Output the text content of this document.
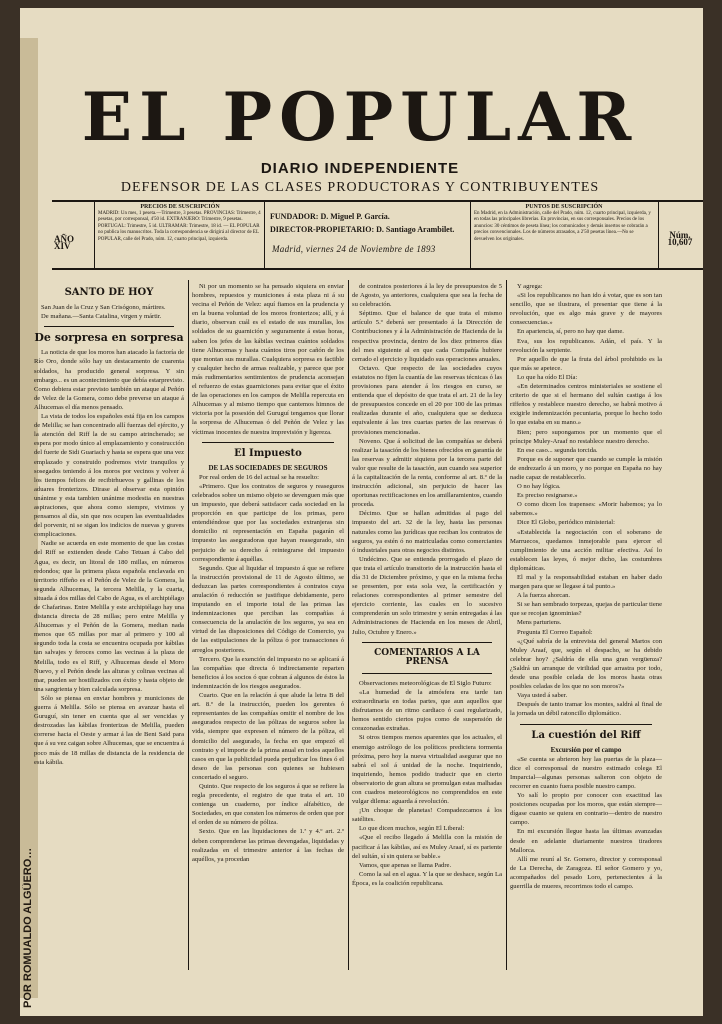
POR ROMUALDO ALGÜERO…
EL POPULAR
DIARIO INDEPENDIENTE
DEFENSOR DE LAS CLASES PRODUCTORAS Y CONTRIBUYENTES
AÑO XIV
PRECIOS DE SUSCRIPCIÓN
MADRID: Un mes, 1 peseta.—Trimestre, 3 pesetas. PROVINCIAS: Trimestre, 4 pesetas, por corresponsal, 4'50 id. EXTRANJERO: Trimestre, 9 pesetas. PORTUGAL: Trimestre, 5 id. ULTRAMAR: Trimestre, 18 id. — EL POPULAR no publica los manuscritos. Toda la correspondencia se dirigirá al director de EL POPULAR, calle del Prado, núm. 12, cuarto principal, izquierda.
FUNDADOR: D. Miguel P. García.
DIRECTOR-PROPIETARIO: D. Santiago Arambilet.
Madrid, viernes 24 de Noviembre de 1893
PUNTOS DE SUSCRIPCIÓN
En Madrid, en la Administración, calle del Prado, núm. 12, cuarto principal, izquierda, y en todas las principales librerías. En provincias, en sus corresponsales. Precios de los anuncios: 30 céntimos de peseta línea; los comunicados y demás insertos se cobrarán a precios convencionales. Los de números atrasados, a 2'50 pesetas línea.—No se devuelven los originales.	Núm. 10,607
SANTO DE HOY

San Juan de la Cruz y San Crisógono, mártires.

De mañana.—Santa Catalina, virgen y mártir.

De sorpresa en sorpresa

La noticia de que los moros han atacado la factoría de Río Oro, donde sólo hay un destacamento de cuarenta soldados, ha producido general sorpresa. Y sin embargo... es un acontecimiento que debía estarprevisto. Como debiera estar previsto también un ataque al Peñón de Velez de la Gomera, como debe preverse un ataque á Alhucemas el día menos pensado.

La vista de todos los españoles está fija en los campos de Melilla; se han concentrado allí fuerzas del ejército, y la atención del Riff la de su campo atrincherado; se espera por modo único al emplazamiento y construcción del fuerte de Sidi Guariach y hasta se espera que una vez emplazado y construido podremos vivir tranquilos y sosegados teniendo á los moros por vecinos y volver á los tiempos felices de recibirhuevos y gallinas de los aduares fronterizos. Dirase al observar esta opinión unánime y esta tambien unánime modestia en nuestras aspiraciones, que ahora como siempre, vivimos y pensamos al día, sin que nos ocupen las eventualidades del porvenir, ni se sigan los indicios de nuevas y graves complicaciones.

Nadie se acuerda en este momento de que las costas del Riff se extienden desde Cabo Tetuan á Cabo del Agua, es decir, un litoral de 180 millas, en números redondos; que la primera plaza española enclavada en territorio riffeño es el Peñón de Velez de la Gomera, la segunda Alhucemas, la tercera Melilla, y la cuarta, situada á dos millas del Cabo de Agua, es el archipiélago de Chafarinas. Entre Melilla y este archipiélago hay una distancia directa de 28 millas; pero entre Melilla y Alhucemas y el Peñón de la Gomera, median nada menos que 65 millas por mar al primero y 100 al segundo toda la costa se encuentra ocupada por kábilas tan salvajes y feroces como las vecinas á la plaza de Melilla, todo es el Riff, y Alhucemas desde el Moro Nuevo, y el Peñón desde las alturas y colinas vecinas al mar, pueden ser hostilizados con éxito y hasta objeto de una sangrienta y bien calculada sorpresa.

Sólo se piensa en enviar hombres y municiones de guerra á Melilla. Sólo se piensa en avanzar hasta el Guruguí, sin tener en cuenta que al ser vencidas y destrozadas las kábilas fronterizas de Melilla, pueden correrse hacia el Oeste y armar á las de Beni Said para que á su vez caigan sobre Alhucemas, que se encuentra á poco más de 18 millas de distancia de la residencia de esta kábila.

Ni por un momento se ha pensado siquiera en enviar hombres, repuestos y municiones á esta plaza ni á su vecina el Peñón de Velez: aquí fiamos en la prudencia y en la buena voluntad de los moros fronterizos; allí, y á diario, observan cuál es el estado de sus murallas, los soldados de su guarnición y seguramente á estas horas, saben los jefes de las kábilas vecinas cuántos soldados tiene Alhucemas y hasta cuántos tiros por cañón de los que montan sus murallas. Cualquiera sorpresa es factible y cualquier hecho de armas realizable, y parece que por más rudimentarios sentimientos de prudencia aconsejan el refuerzo de estas guarniciones para evitar que el éxito de las operaciones en los campos de Melilla repercuta en Alhucemas y al mismo tiempo que cantemos himnos de victoria por la posesión del Guruguí tengamos que llorar la sorpresa de Alhucemas ó del Peñón de Velez y las víctimas inocentes de nuestra imprevisión y ligereza.

El Impuesto
DE LAS SOCIEDADES DE SEGUROS

Por real orden de 16 del actual se ha resuelto:

«Primero. Que los contratos de seguros y reaseguros celebrados sobre un mismo objeto se devenguen más que un impuesto, que deberá satisfacer cada sociedad en la proporción en que participe de los primas, pero entendiéndose que por las sociedades extranjeras sin domicilio ni representación en España pagarán el impuesto las aseguradoras que hayan reasegurado, sin perjuicio de su derecho á reintegrarse del impuesto correspondiente á aquéllas.

Segundo. Que al liquidar el impuesto á que se refiere la instrucción provisional de 11 de Agosto último, se deduzcan las partes correspondientes á contratos cuya anulación ó reducción se justifique debidamente, pero imputando en el importe total de las primas las indemnizaciones que perciban las compañías á consecuencia de la anulación de los seguros, ya sea en virtud de las disposiciones del Código de Comercio, ya de las estipulaciones de la póliza ó por transacciones ó arreglos posteriores.

Tercero. Que la exención del impuesto no se aplicará á las compañías que directa ó indirectamente reparten beneficios á los socios ó que cobran á algunos de éstos la indemnización de los riesgos asegurados.

Cuarto. Que en la relación á que alude la letra B del art. 8.º de la instrucción, pueden los gerentes ó representantes de las compañías omitir el nombre de los asegurados respecto de las pólizas de seguros sobre la vida, siempre que expresen el número de la póliza, el domicilio del asegurado, la fecha en que empezó el contrato y el importe de la prima anual en todos aquellos casos en que la publicidad pueda perjudicar los fines ó el deseo de las personas con quienes se hubiesen concertado el seguro.

Quinto. Que respecto de los seguros á que se refiere la regla precedente, el registro de que trata el art. 10 contenga un cuaderno, por índice alfabético, de Sociedades, en que consten los números de orden que por el orden de su número de póliza.

Sexto. Que en las liquidaciones de 1.ª y 4.º art. 2.º deben comprenderse las primas devengadas, liquidadas y realizadas en el trimestre anterior á las fechas de aquéllos, ya procedan

de contratos posteriores á la ley de presupuestos de 5 de Agosto, ya anteriores, cualquiera que sea la fecha de su celebración.

Séptimo. Que el balance de que trata el mismo artículo 5.º deberá ser presentado á la Dirección de Contribuciones y á la Administración de Hacienda de la respectiva provincia, dentro de los diez primeros días del mes siguiente al en que cada Compañía hubiere cerrado el ejercicio y liquidado sus operaciones anuales.

Octavo. Que respecto de las sociedades cuyos estatutos no fijen la cuantía de las reservas técnicas ó las provisiones para atender á los riesgos en curso, se entienda que el depósito de que trata el art. 21 de la ley de presupuestos concede en el 20 por 100 de las primas realizadas durante el año, cualquiera que se deduzca equivalente á las tres cuartas partes de las reservas ó provisiones mencionadas.

Noveno. Que á solicitud de las compañías se deberá realizar la tasación de los bienes ofrecidos en garantía de las reservas y admitir siquiera por la tercera parte del valor que resulte de la tasación, aun cuando sea superior á la capitalización de la renta, conforme al art. 8.º de la instrucción adicional, sin perjuicio de hacer las oportunas rectificaciones en los amillaramientos, cuando proceda.

Décimo. Que se hallan admitidas al pago del impuesto del art. 32 de la ley, hasta las personas naturales como las jurídicas que reciban los contratos de seguros, ya estén ó no matriculadas como comerciantes ó industriales para otras negocios distintos.

Undécimo. Que se entienda prorrogado el plazo de que trata el artículo transitorio de la instrucción hasta el día 31 de Diciembre próximo, y que en la misma fecha se presenten, por esta sola vez, la certificación y relaciones correspondientes al primer semestre del ejercicio corriente, las cuales en lo sucesivo comprenderán un solo trimestre y serán entregadas á las Administraciones de Hacienda en los meses de Abril, Julio, Octubre y Enero.»

COMENTARIOS A LA PRENSA

Observaciones meteorológicas de El Siglo Futuro:

«La humedad de la atmósfera era tarde tan extraordinaria en todas partes, que aun aquellos que disfrutamos de un ritmo cardiaco ó casi regularizado, hemos sentido ciertos pujos como de suspensión de corazonadas extrañas.

Si otros tiempos menos aparentes que los actuales, el enemigo astrólogo de los políticos prediciera tormenta próxima, pero hoy la nueva virtualidad asegurar que no sabrá el sol á unidad de la noche. Inquiriendo, inquiriendo, hemos podido traducir que en cierto observatorio de gran altura se promulgan estas malhadas con cuadros meteorológicos no comprendidos en este vulgar dilema: aguarda á revolución.

¡Un choque de planetas! Compadezcamos á los satélites.

Lo que dicen muchos, según El Liberal:

«Que el recibo llegado á Melilla con la misión de pacificar á las kábilas, así es Muley Araaf, sí es pariente del sultán, sí sin quiera se bable.»

Vamos, que apenas se llama Padre.

Como la sal en el agua. Y la que se deshace, según La Época, es la coalición republicana.

Y agrega:

«Si los republicanos no han ido á votar, que es son tan sencillo, que se ilustrara, el presentar que tiene á la revolución, que es algo más grave y de mayores consecuencias.»

En apariencia, sí, pero no hay que dame.

Eva, sus los republicanos. Adán, el país. Y la revolución la serpiente.

Por aquello de que la fruta del árbol prohibido es la que más se apetece.

Lo que ha oído El Día:

«En determinados centros ministeriales se sostiene el criterio de que si el hermano del sultán castiga á los riffeños y restablece nuestro derecho, se habrá motivo á exigirle indemnización pecuniaria, porque lo hecho todo lo que estaba en su mano.»

Bien; pero supongamos por un momento que el príncipe Muley-Araaf no restablece nuestro derecho.

En ese caso... segunda torcida.

Porque es de suponer que cuando se cumple la misión de endrezarlo á un moro, y no porque en España no hay nadie capaz de restablecerlo.

O no hay lógica.

Es preciso resignarse.»

O como dicen los trapenses: «Morir habemos; ya lo sabemos.»

Dice El Globo, periódico ministerial:

«Establecida la negociación con el soberano de Marruecos, quedamos inmejorable para ejercer el cumplimiento de una acción militar efectiva. Así lo establecen las leyes, ó mejor dicho, las costumbres diplomáticas.

El mal y la responsabilidad estaban en haber dado margen para que se llegase á tal punto.»

A la fuerza ahorcan.

Si se han sembrado torpezas, quejas de particular tiene que se recojan ignominias?

Mens parturiens.

Pregunta El Correo Español:

«¿Qué sabría de la entrevista del general Martos con Muley Araaf, que, según el despacho, se ha debido celebrar hoy? ¿Saldría de ella una gran vergüenza? ¿Saldrá un arranque de virilidad que arrastra por todo, desde una posible celada de los moros hasta otras posibles celadas de los que no son moros?»

Vaya usted á saber.

Después de tanto tramar los montes, saldrá al final de la jornada un débil ratoncillo diplomático.

La cuestión del Riff
Excursión por el campo

«Se cuenta se abrieron hoy las puertas de la plaza—dice el corresponsal de nuestro estimado colega El Imparcial—algunas personas salieron con objeto de recorrer en cuanto fuera posible nuestro campo.

Yo salí lo propio por conocer con exactitud las posiciones ocupadas por los moros, que están siempre—dígase cuanto se quiera en contrario—dentro de nuestro campo.

En mi excursión llegue hasta las últimas avanzadas desde en adelante diariamente nuestros tiradores Mallorca.

Allí me reuní al Sr. Gomero, director y corresponsal de La Derecha, de Zaragoza. El señor Gomero y yo, acompañados del pesado Loro, pertenecientes á la guerrilla de mueres, recorrimos todo el campo.
